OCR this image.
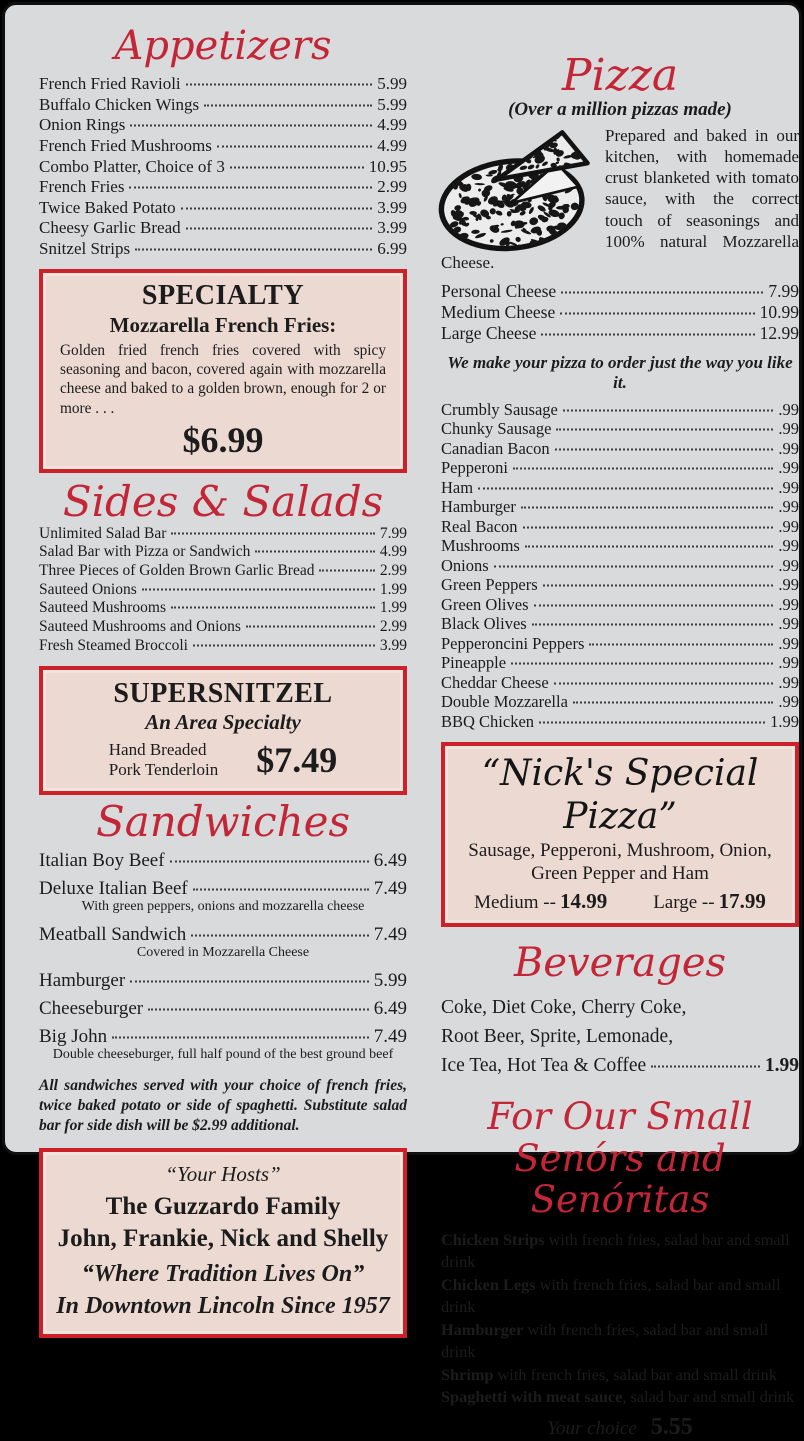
Appetizers
French Fried Ravioli	5.99
Buffalo Chicken Wings	5.99
Onion Rings	4.99
French Fried Mushrooms	4.99
Combo Platter, Choice of 3	10.95
French Fries	2.99
Twice Baked Potato	3.99
Cheesy Garlic Bread	3.99
Snitzel Strips	6.99
SPECIALTY
Mozzarella French Fries:

Golden fried french fries covered with spicy seasoning and bacon, covered again with mozzarella cheese and baked to a golden brown, enough for 2 or more . . .

$6.99
Sides & Salads
Unlimited Salad Bar	7.99
Salad Bar with Pizza or Sandwich	4.99
Three Pieces of Golden Brown Garlic Bread	2.99
Sauteed Onions	1.99
Sauteed Mushrooms	1.99
Sauteed Mushrooms and Onions	2.99
Fresh Steamed Broccoli	3.99
SUPERSNITZEL
An Area Specialty
Hand Breaded
Pork Tenderloin $7.49
Sandwiches
Italian Boy Beef	6.49
Deluxe Italian Beef	7.49
With green peppers, onions and mozzarella cheese
Meatball Sandwich	7.49
Covered in Mozzarella Cheese
Hamburger	5.99
Cheeseburger	6.49
Big John	7.49
Double cheeseburger, full half pound of the best ground beef

All sandwiches served with your choice of french fries, twice baked potato or side of spaghetti. Substitute salad bar for side dish will be $2.99 additional.

“Your Hosts”
The Guzzardo Family
John, Frankie, Nick and Shelly
“Where Tradition Lives On”
In Downtown Lincoln Since 1957
Pizza
(Over a million pizzas made)

Prepared and baked in our kitchen, with homemade crust blanketed with tomato sauce, with the correct touch of seasonings and 100% natural Mozzarella Cheese.

Personal Cheese	7.99
Medium Cheese	10.99
Large Cheese	12.99
We make your pizza to order just the way you like it.
Crumbly Sausage	.99
Chunky Sausage	.99
Canadian Bacon	.99
Pepperoni	.99
Ham	.99
Hamburger	.99
Real Bacon	.99
Mushrooms	.99
Onions	.99
Green Peppers	.99
Green Olives	.99
Black Olives	.99
Pepperoncini Peppers	.99
Pineapple	.99
Cheddar Cheese	.99
Double Mozzarella	.99
BBQ Chicken	1.99
“Nick's Special Pizza”
Sausage, Pepperoni, Mushroom, Onion,
Green Pepper and Ham
Medium -- 14.99 Large -- 17.99
Beverages
Coke, Diet Coke, Cherry Coke,
Root Beer, Sprite, Lemonade,
Ice Tea, Hot Tea & Coffee	1.99
For Our Small
Senórs and Senóritas
Chicken Strips with french fries, salad bar and small drink
Chicken Legs with french fries, salad bar and small drink
Hamburger with french fries, salad bar and small drink
Shrimp with french fries, salad bar and small drink
Spaghetti with meat sauce, salad bar and small drink
Your choice 5.55
